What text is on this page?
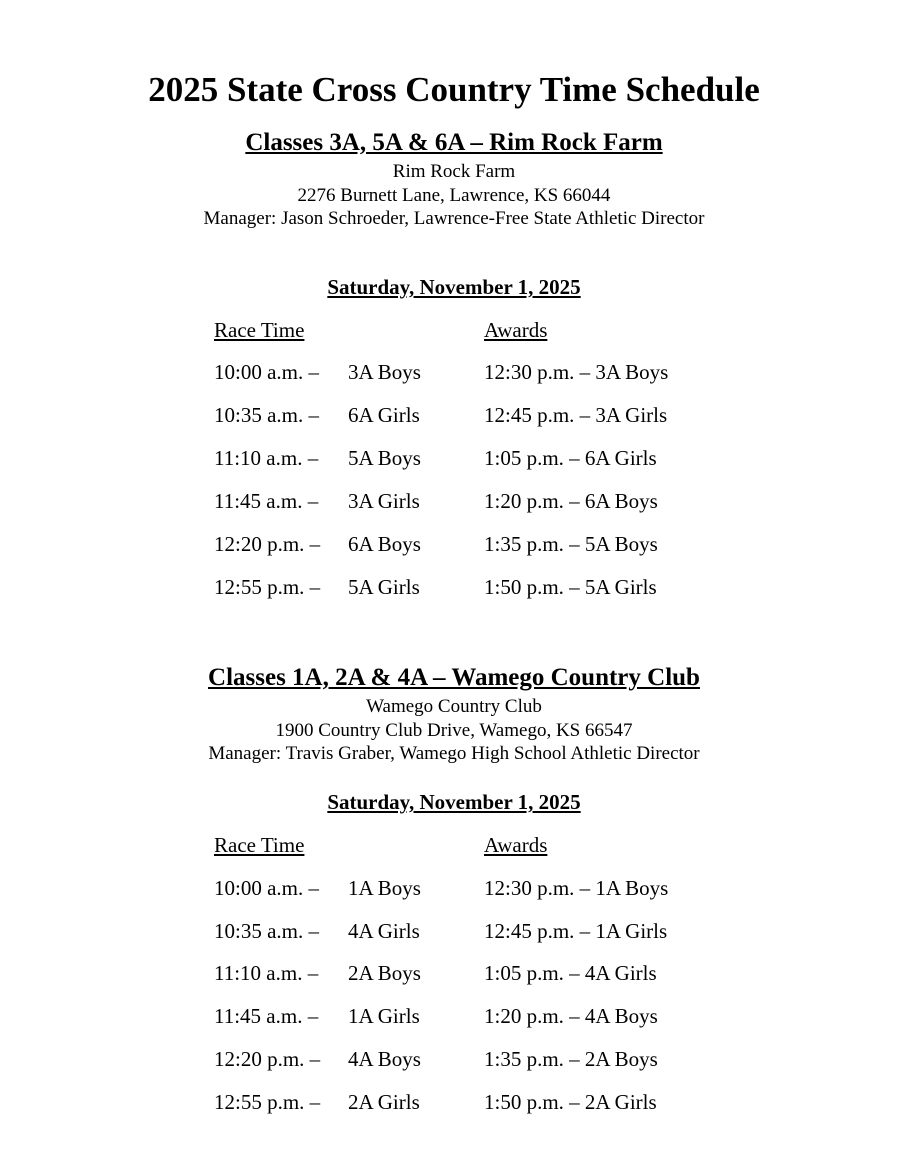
2025 State Cross Country Time Schedule
Classes 3A, 5A & 6A – Rim Rock Farm
Rim Rock Farm
2276 Burnett Lane, Lawrence, KS 66044
Manager: Jason Schroeder, Lawrence-Free State Athletic Director
Saturday, November 1, 2025
Race Time	Awards
10:00 a.m. – 3A Boys	12:30 p.m. – 3A Boys
10:35 a.m. – 6A Girls	12:45 p.m. – 3A Girls
11:10 a.m. – 5A Boys	1:05 p.m. – 6A Girls
11:45 a.m. – 3A Girls	1:20 p.m. – 6A Boys
12:20 p.m. – 6A Boys	1:35 p.m. – 5A Boys
12:55 p.m. – 5A Girls	1:50 p.m. – 5A Girls
Classes 1A, 2A & 4A – Wamego Country Club
Wamego Country Club
1900 Country Club Drive, Wamego, KS 66547
Manager: Travis Graber, Wamego High School Athletic Director
Saturday, November 1, 2025
Race Time	Awards
10:00 a.m. – 1A Boys	12:30 p.m. – 1A Boys
10:35 a.m. – 4A Girls	12:45 p.m. – 1A Girls
11:10 a.m. – 2A Boys	1:05 p.m. – 4A Girls
11:45 a.m. – 1A Girls	1:20 p.m. – 4A Boys
12:20 p.m. – 4A Boys	1:35 p.m. – 2A Boys
12:55 p.m. – 2A Girls	1:50 p.m. – 2A Girls
